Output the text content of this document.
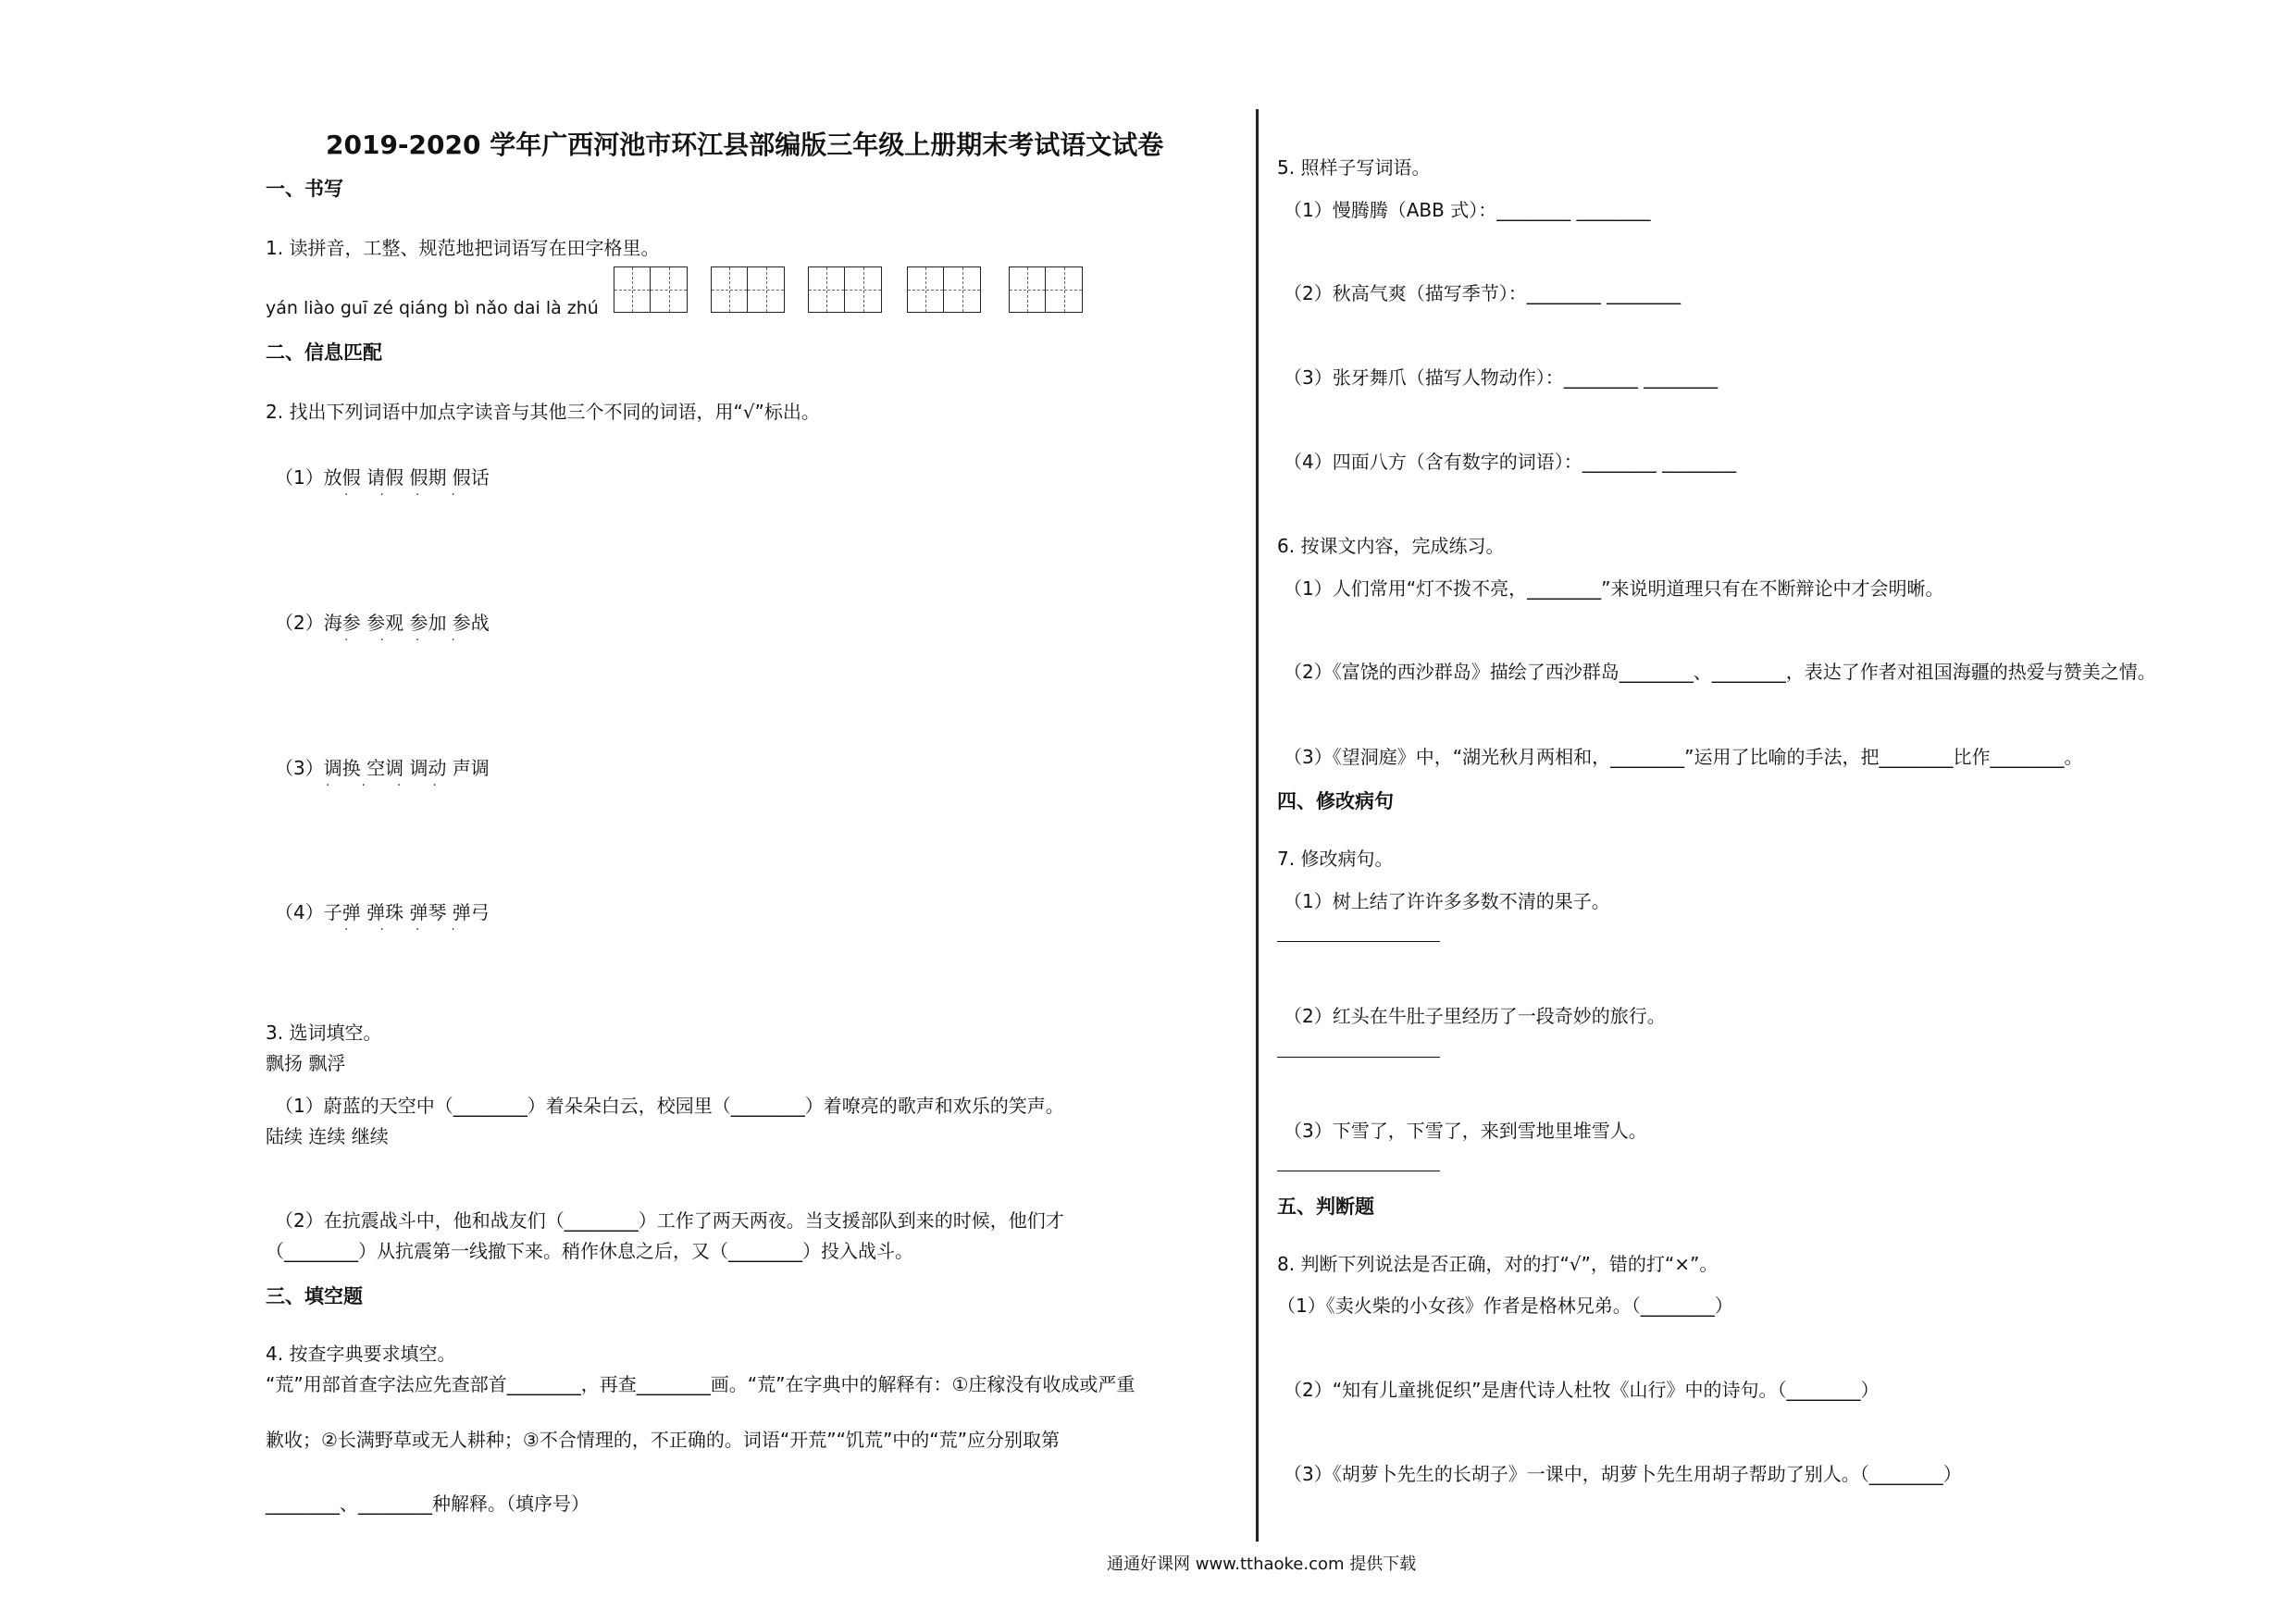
2019-2020 学年广西河池市环江县部编版三年级上册期末考试语文试卷
一、书写
1. 读拼音，工整、规范地把词语写在田字格里。
yán liào guī zé qiáng bì nǎo dai là zhú
二、信息匹配
2. 找出下列词语中加点字读音与其他三个不同的词语，用“√”标出。
（1）放假 请假 假期 假话
····
（2）海参 参观 参加 参战
····
（3）调换 空调 调动 声调
····
（4）子弹 弹珠 弹琴 弹弓
····
3. 选词填空。
飘扬 飘浮
（1）蔚蓝的天空中（________）着朵朵白云，校园里（________）着嘹亮的歌声和欢乐的笑声。
陆续 连续 继续
（2）在抗震战斗中，他和战友们（________）工作了两天两夜。当支援部队到来的时候，他们才
（________）从抗震第一线撤下来。稍作休息之后，又（________）投入战斗。
三、填空题
4. 按查字典要求填空。
“荒”用部首查字法应先查部首________，再查________画。“荒”在字典中的解释有：①庄稼没有收成或严重
歉收；②长满野草或无人耕种；③不合情理的，不正确的。词语“开荒”“饥荒”中的“荒”应分别取第
________、________种解释。（填序号）
5. 照样子写词语。
（1）慢腾腾（ABB 式）：________ ________
（2）秋高气爽（描写季节）：________ ________
（3）张牙舞爪（描写人物动作）：________ ________
（4）四面八方（含有数字的词语）：________ ________
6. 按课文内容，完成练习。
（1）人们常用“灯不拨不亮，________”来说明道理只有在不断辩论中才会明晰。
（2）《富饶的西沙群岛》描绘了西沙群岛________、________，表达了作者对祖国海疆的热爱与赞美之情。
（3）《望洞庭》中，“湖光秋月两相和，________”运用了比喻的手法，把________比作________。
四、修改病句
7. 修改病句。
（1）树上结了许许多多数不清的果子。
（2）红头在牛肚子里经历了一段奇妙的旅行。
（3）下雪了，下雪了，来到雪地里堆雪人。
五、判断题
8. 判断下列说法是否正确，对的打“√”，错的打“×”。
（1）《卖火柴的小女孩》作者是格林兄弟。（________）
（2）“知有儿童挑促织”是唐代诗人杜牧《山行》中的诗句。（________）
（3）《胡萝卜先生的长胡子》一课中，胡萝卜先生用胡子帮助了别人。（________）
通通好课网 www.tthaoke.com 提供下载
